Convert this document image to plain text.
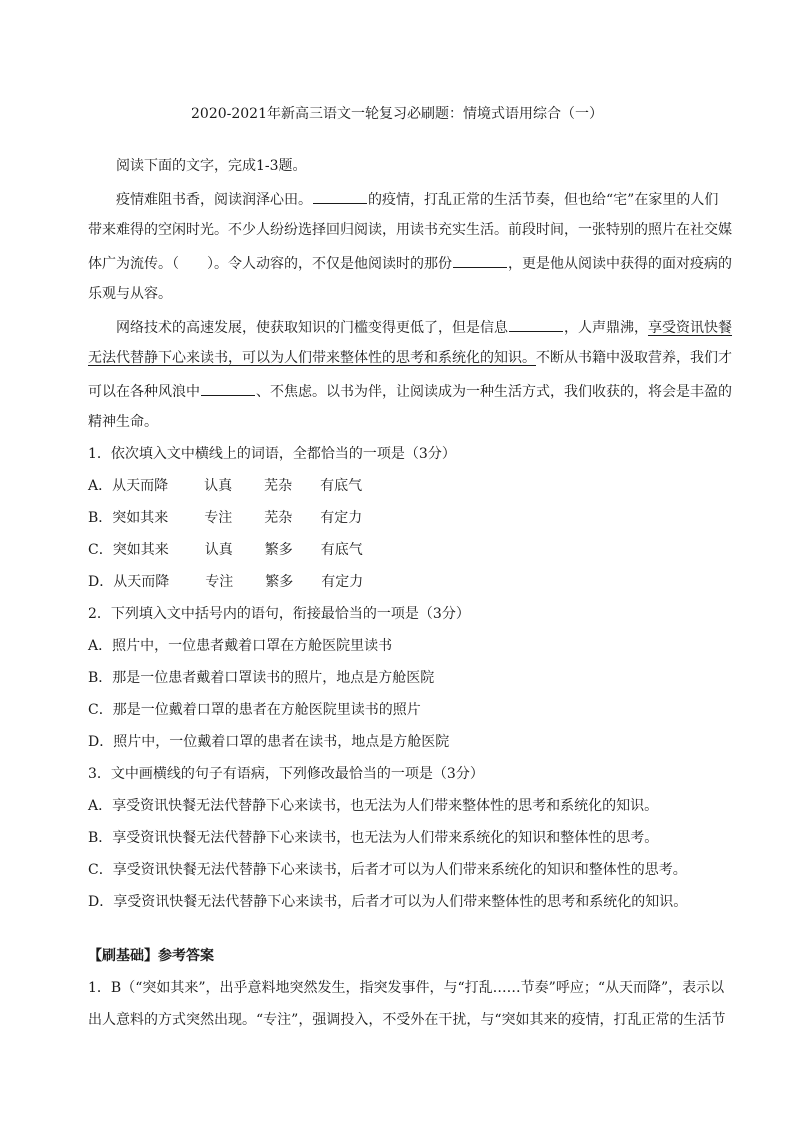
2020-2021年新高三语文一轮复习必刷题：情境式语用综合（一）
阅读下面的文字，完成1-3题。
疫情难阻书香，阅读润泽心田。	的疫情，打乱正常的生活节奏，但也给“宅”在家里的人们
带来难得的空闲时光。不少人纷纷选择回归阅读，用读书充实生活。前段时间，一张特别的照片在社交媒
体广为流传。（　　）。令人动容的，不仅是他阅读时的那份	，更是他从阅读中获得的面对疫病的
乐观与从容。
网络技术的高速发展，使获取知识的门槛变得更低了，但是信息	，人声鼎沸，享受资讯快餐
无法代替静下心来读书，可以为人们带来整体性的思考和系统化的知识。不断从书籍中汲取营养，我们才
可以在各种风浪中	、不焦虑。以书为伴，让阅读成为一种生活方式，我们收获的，将会是丰盈的
精神生命。
1．依次填入文中横线上的词语，全都恰当的一项是（3分）
A．从天而降	认真 芜杂 有底气
B．突如其来	专注 芜杂 有定力
C．突如其来	认真 繁多 有底气
D．从天而降	专注 繁多 有定力
2．下列填入文中括号内的语句，衔接最恰当的一项是（3分）
A．照片中，一位患者戴着口罩在方舱医院里读书
B．那是一位患者戴着口罩读书的照片，地点是方舱医院
C．那是一位戴着口罩的患者在方舱医院里读书的照片
D．照片中，一位戴着口罩的患者在读书，地点是方舱医院
3．文中画横线的句子有语病，下列修改最恰当的一项是（3分）
A．享受资讯快餐无法代替静下心来读书，也无法为人们带来整体性的思考和系统化的知识。
B．享受资讯快餐无法代替静下心来读书，也无法为人们带来系统化的知识和整体性的思考。
C．享受资讯快餐无法代替静下心来读书，后者才可以为人们带来系统化的知识和整体性的思考。
D．享受资讯快餐无法代替静下心来读书，后者才可以为人们带来整体性的思考和系统化的知识。
【刷基础】参考答案
1．B（“突如其来”，出乎意料地突然发生，指突发事件，与“打乱……节奏”呼应；“从天而降”，表示以
出人意料的方式突然出现。“专注”，强调投入，不受外在干扰，与“突如其来的疫情，打乱正常的生活节
